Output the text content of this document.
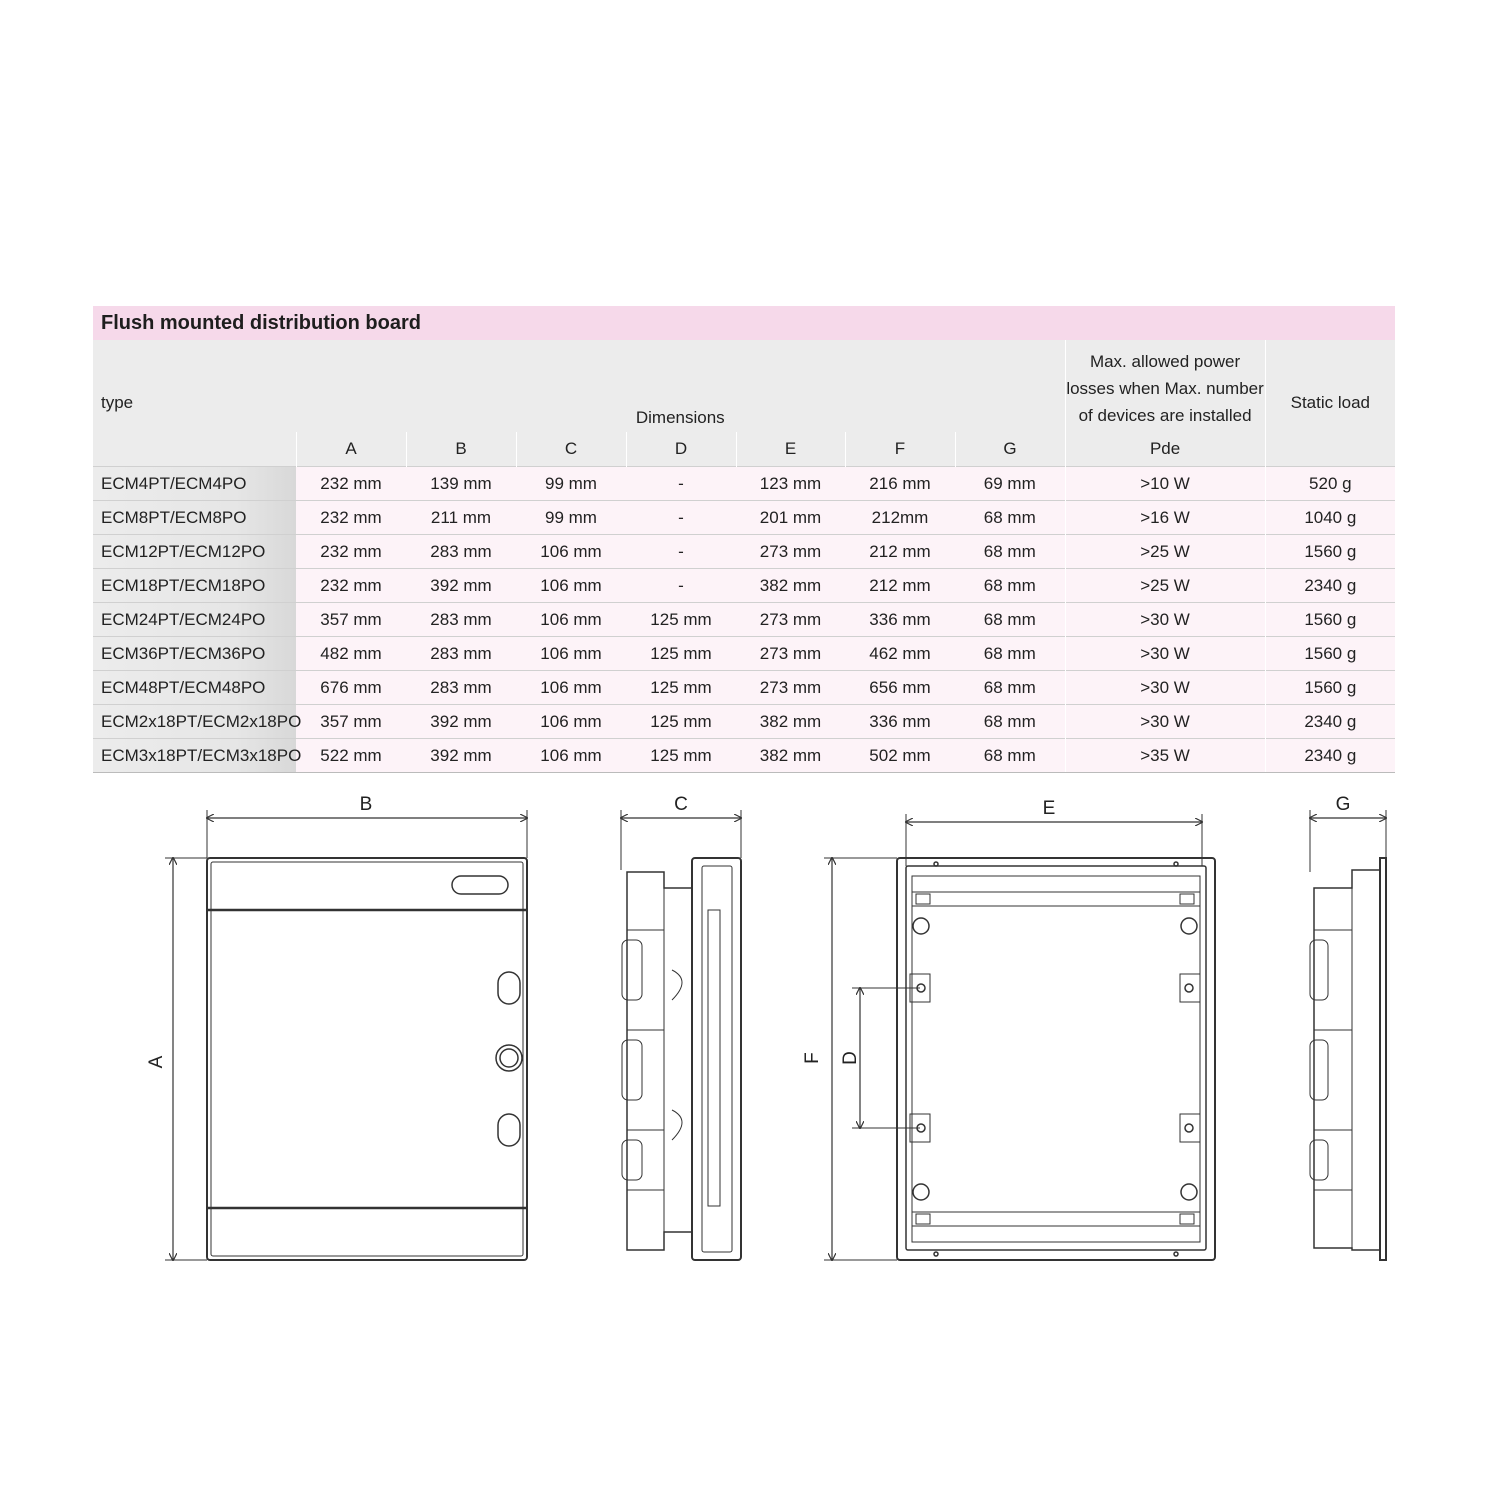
Flush mounted distribution board
type	Dimensions							Max. allowed power
losses when Max. number
of devices are installed	Static load
	A	B	C	D	E	F	G	Pde	
ECM4PT/ECM4PO	232 mm	139 mm	99 mm	-	123 mm	216 mm	69 mm	>10 W	520 g
ECM8PT/ECM8PO	232 mm	211 mm	99 mm	-	201 mm	212mm	68 mm	>16 W	1040 g
ECM12PT/ECM12PO	232 mm	283 mm	106 mm	-	273 mm	212 mm	68 mm	>25 W	1560 g
ECM18PT/ECM18PO	232 mm	392 mm	106 mm	-	382 mm	212 mm	68 mm	>25 W	2340 g
ECM24PT/ECM24PO	357 mm	283 mm	106 mm	125 mm	273 mm	336 mm	68 mm	>30 W	1560 g
ECM36PT/ECM36PO	482 mm	283 mm	106 mm	125 mm	273 mm	462 mm	68 mm	>30 W	1560 g
ECM48PT/ECM48PO	676 mm	283 mm	106 mm	125 mm	273 mm	656 mm	68 mm	>30 W	1560 g
ECM2x18PT/ECM2x18PO	357 mm	392 mm	106 mm	125 mm	382 mm	336 mm	68 mm	>30 W	2340 g
ECM3x18PT/ECM3x18PO	522 mm	392 mm	106 mm	125 mm	382 mm	502 mm	68 mm	>35 W	2340 g
B
A
C	E
F D
G
